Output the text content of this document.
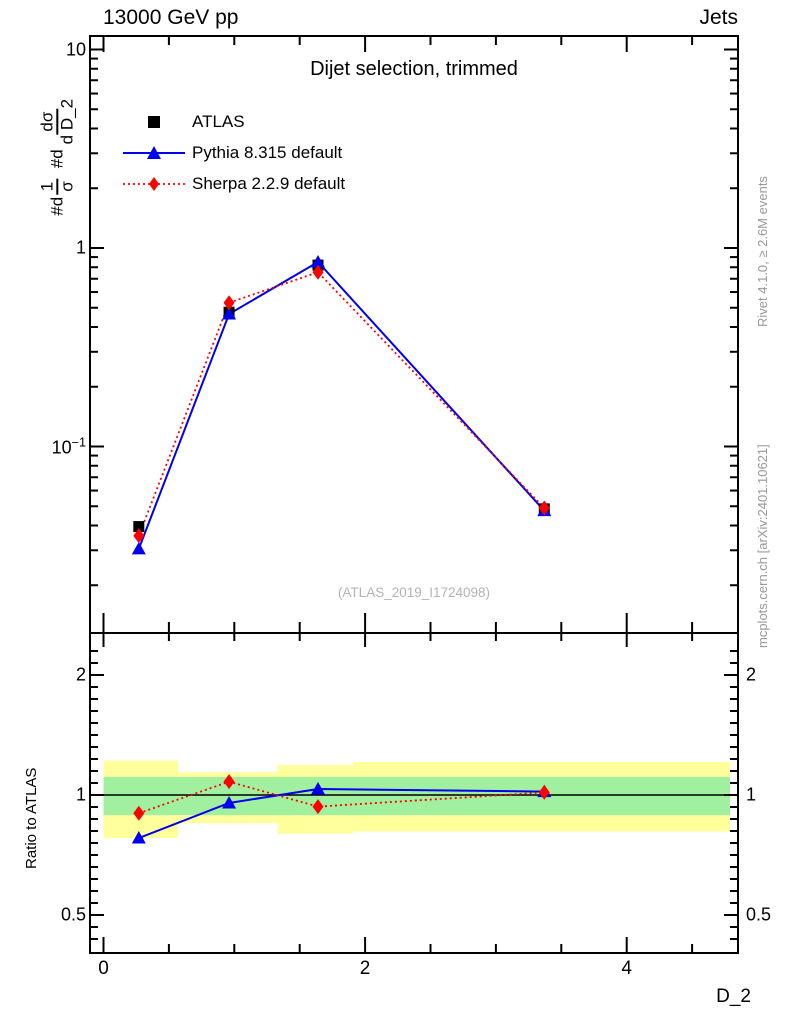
13000 GeV pp	Jets
Dijet selection, trimmed
ATLAS
Pythia 8.315 default
Sherpa 2.2.9 default
(ATLAS_2019_I1724098)
#d
1 σ
#d
dσ d D_2
Ratio to ATLAS
Rivet 4.1.0, ≥ 2.6M events
mcplots.cern.ch [arXiv:2401.10621]
D_2
0	2	4
10
1
$10^{-1}$
2	2
1	1
0.5	0.5
